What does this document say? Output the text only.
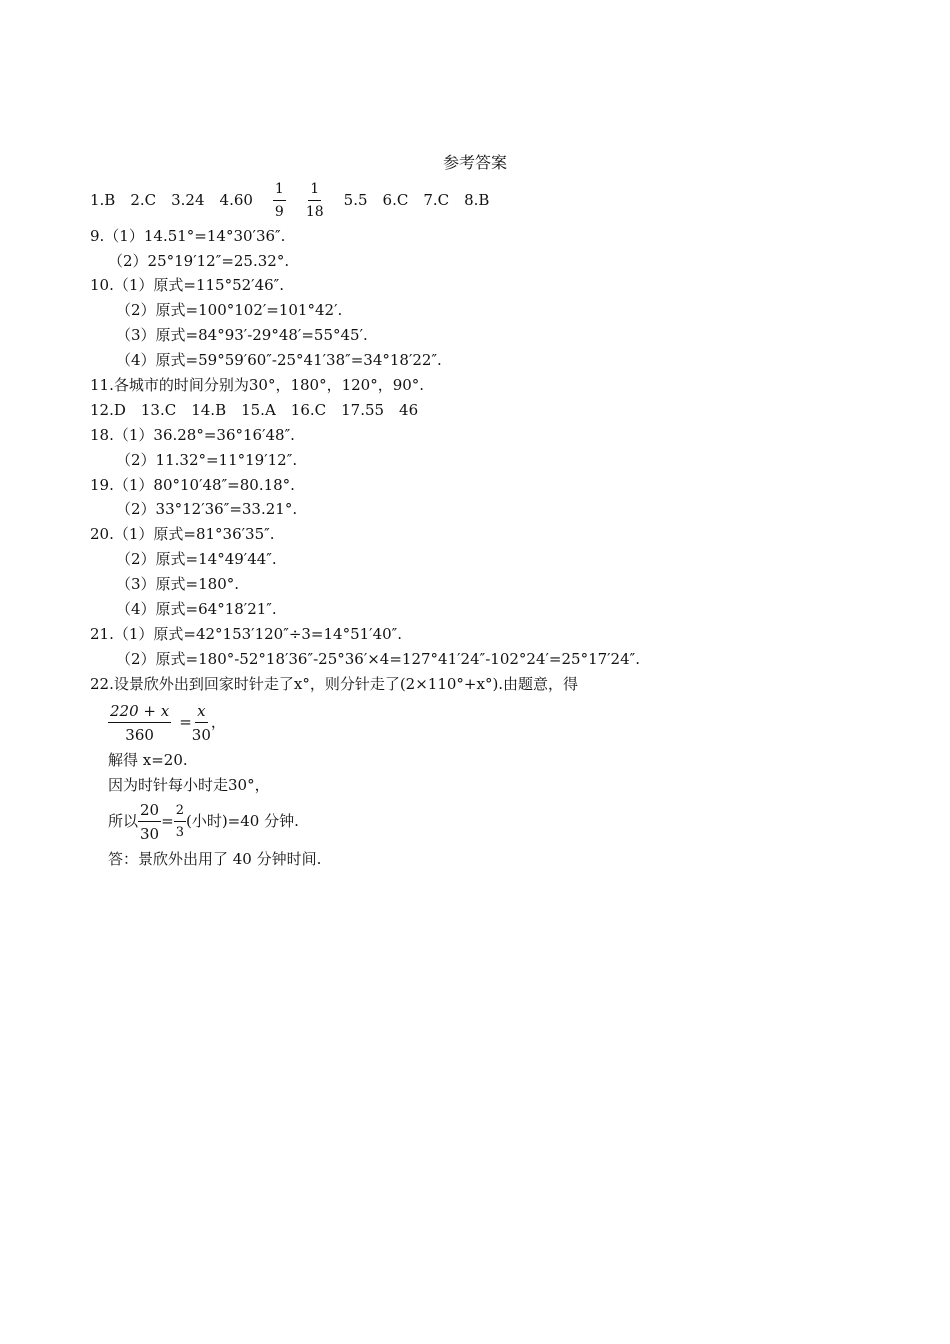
参考答案
1.B　2.C　3.24　$4.60 \frac{1}{9} \frac{1}{18} 5.5$　6.C　7.C　8.B
9.（1）14.51°=14°30′36″.
（2）25°19′12″=25.32°.
10.（1）原式=115°52′46″.
（2）原式=100°102′=101°42′.
（3）原式=84°93′-29°48′=55°45′.
（4）原式=59°59′60″-25°41′38″=34°18′22″.
11.各城市的时间分别为30°，180°，120°，90°.
12.D　13.C　14.B　15.A　16.C　17.55　46
18.（1）36.28°=36°16′48″.
（2）11.32°=11°19′12″.
19.（1）80°10′48″=80.18°.
（2）33°12′36″=33.21°.
20.（1）原式=81°36′35″.
（2）原式=14°49′44″.
（3）原式=180°.
（4）原式=64°18′21″.
21.（1）原式=42°153′120″÷3=14°51′40″.
（2）原式=180°-52°18′36″-25°36′×4=127°41′24″-102°24′=25°17′24″.
22.设景欣外出到回家时针走了x°，则分针走了(2×110°+x°).由题意，得
$\frac{220 + x}{360} = \frac{x}{30}$ ，
解得 x=20.
因为时针每小时走30°，
所以 $\frac{20}{30} = \frac{2}{3}$ (小时)=40 分钟.
答：景欣外出用了 40 分钟时间.
